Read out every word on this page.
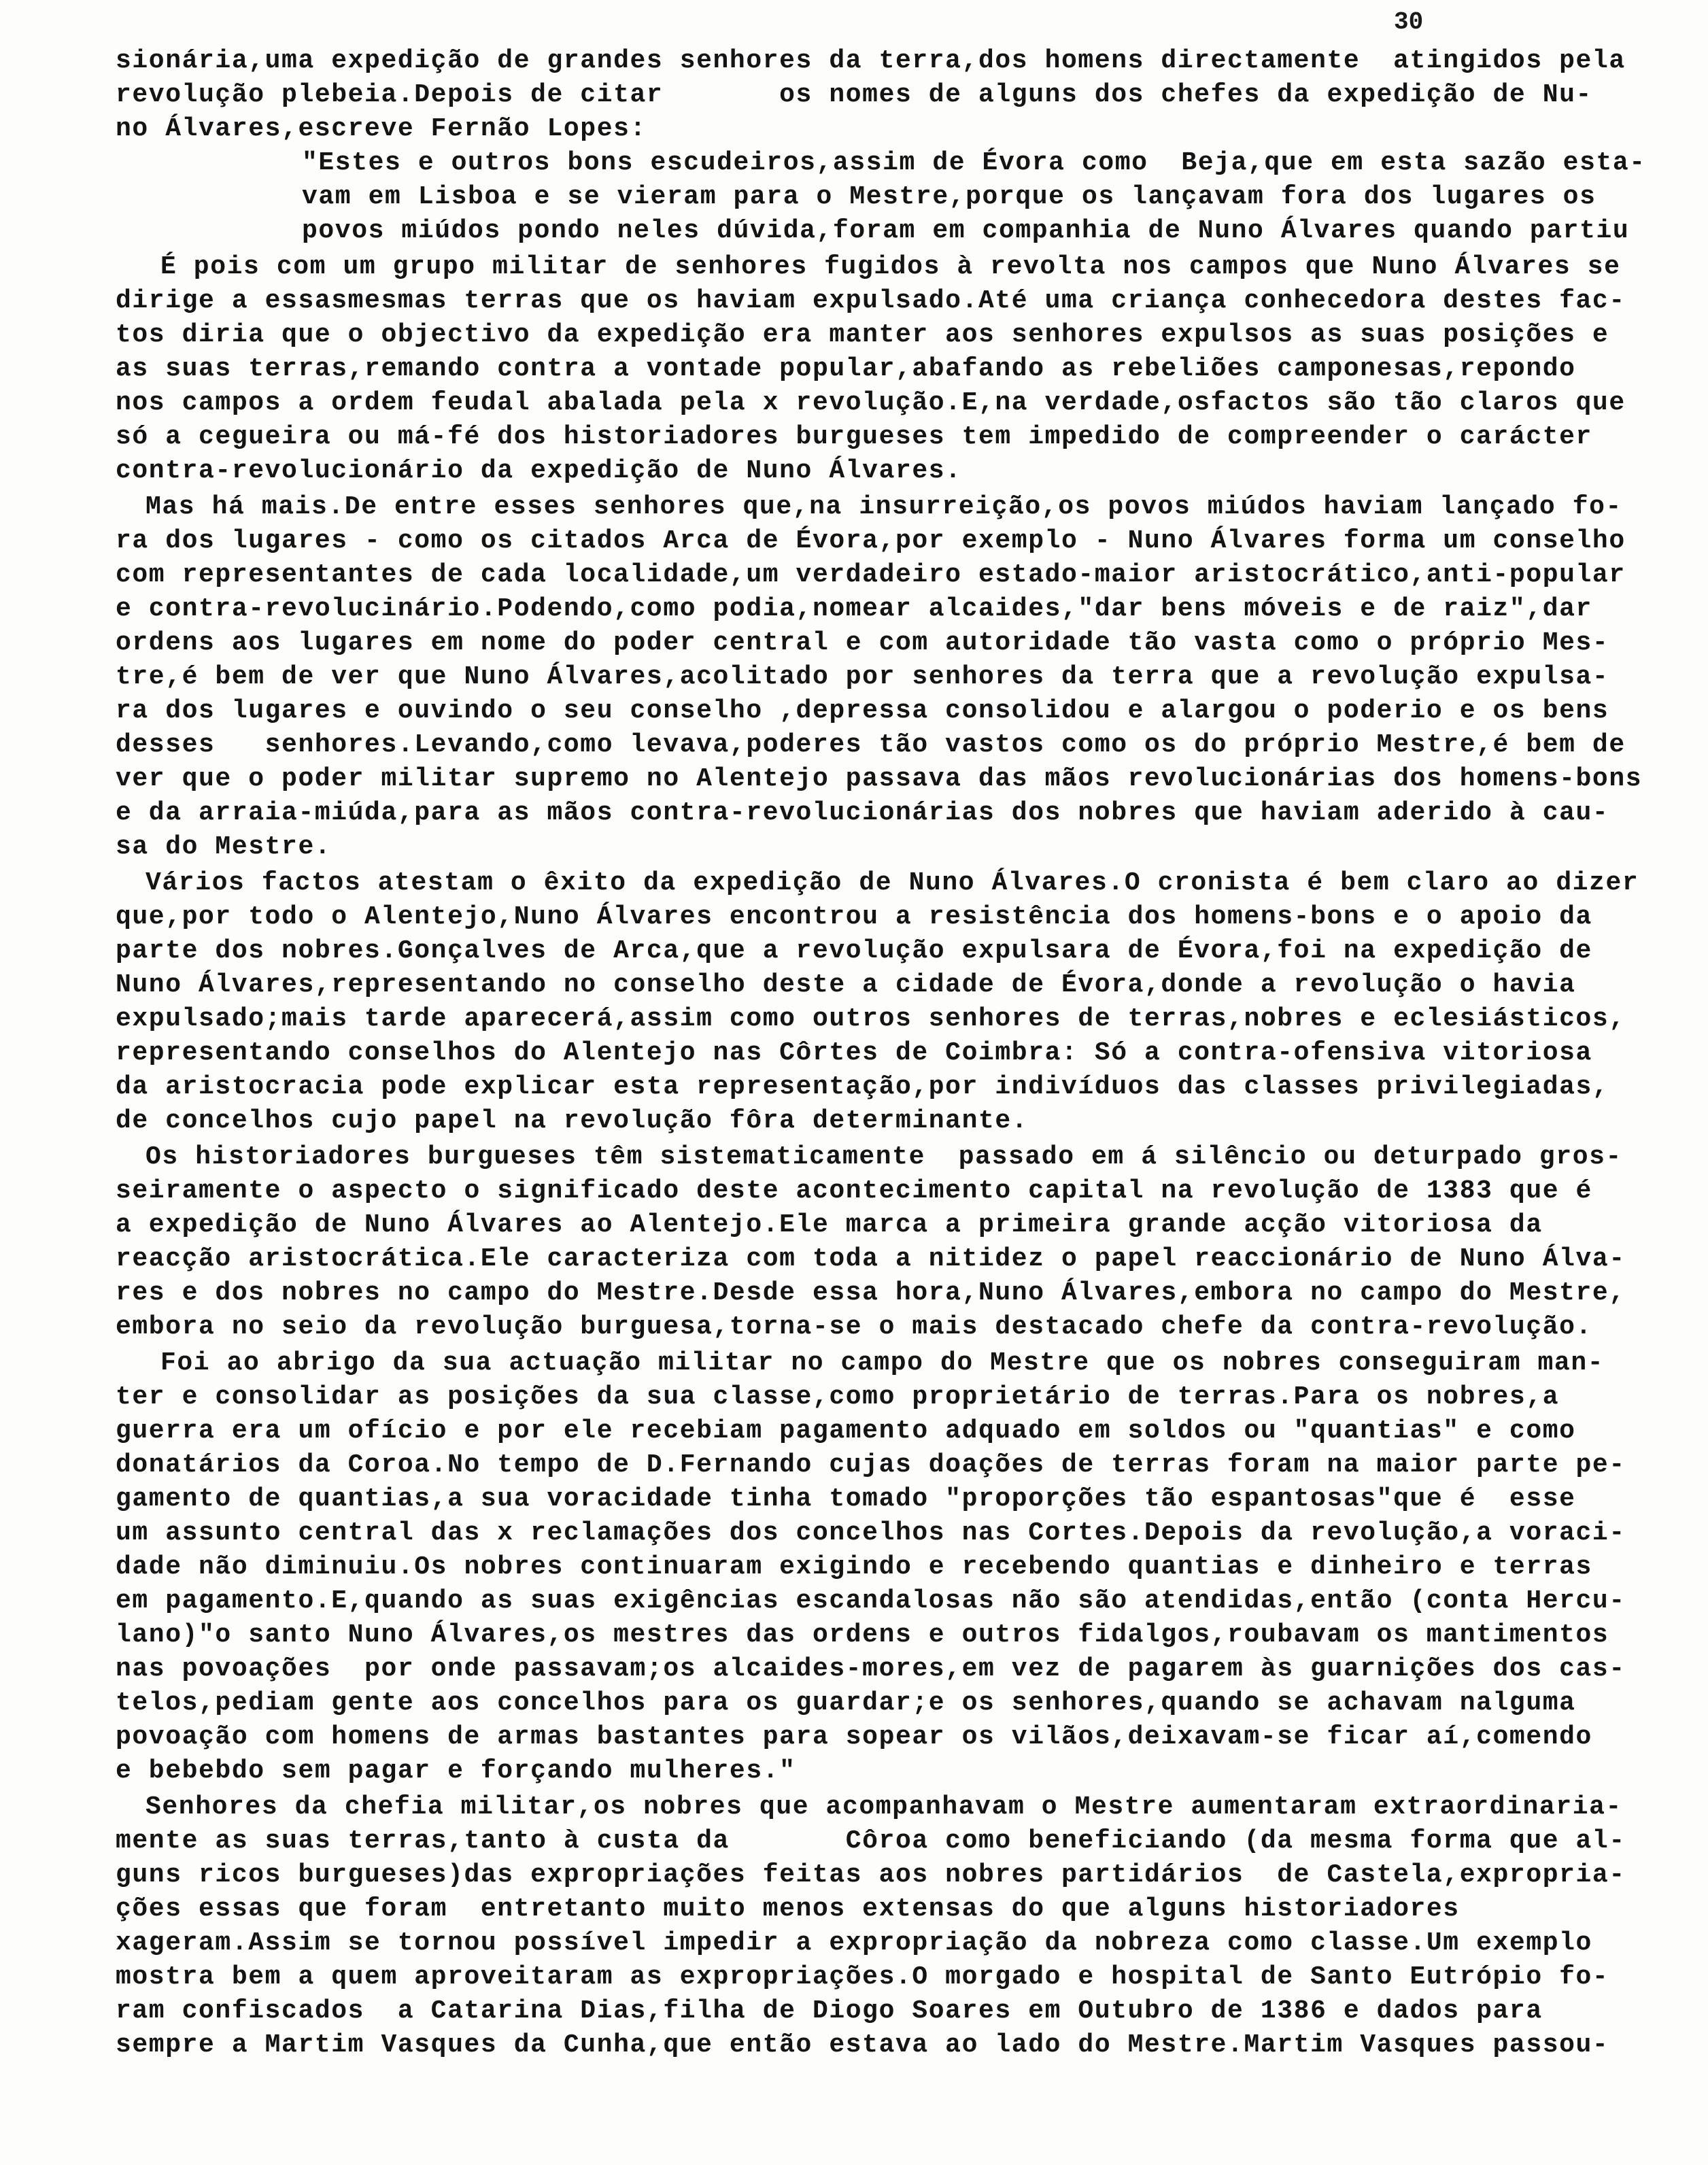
30
sionária,uma expedição de grandes senhores da terra,dos homens directamente  atingidos pela
revolução plebeia.Depois de citar       os nomes de alguns dos chefes da expedição de Nu-
no Álvares,escreve Fernão Lopes:
"Estes e outros bons escudeiros,assim de Évora como  Beja,que em esta sazão esta-
vam em Lisboa e se vieram para o Mestre,porque os lançavam fora dos lugares os
povos miúdos pondo neles dúvida,foram em companhia de Nuno Álvares quando partiu
É pois com um grupo militar de senhores fugidos à revolta nos campos que Nuno Álvares se
dirige a essasmesmas terras que os haviam expulsado.Até uma criança conhecedora destes fac-
tos diria que o objectivo da expedição era manter aos senhores expulsos as suas posições e
as suas terras,remando contra a vontade popular,abafando as rebeliões camponesas,repondo
nos campos a ordem feudal abalada pela x revolução.E,na verdade,osfactos são tão claros que
só a cegueira ou má-fé dos historiadores burgueses tem impedido de compreender o carácter
contra-revolucionário da expedição de Nuno Álvares.
Mas há mais.De entre esses senhores que,na insurreição,os povos miúdos haviam lançado fo-
ra dos lugares - como os citados Arca de Évora,por exemplo - Nuno Álvares forma um conselho
com representantes de cada localidade,um verdadeiro estado-maior aristocrático,anti-popular
e contra-revolucinário.Podendo,como podia,nomear alcaides,"dar bens móveis e de raiz",dar
ordens aos lugares em nome do poder central e com autoridade tão vasta como o próprio Mes-
tre,é bem de ver que Nuno Álvares,acolitado por senhores da terra que a revolução expulsa-
ra dos lugares e ouvindo o seu conselho ,depressa consolidou e alargou o poderio e os bens
desses   senhores.Levando,como levava,poderes tão vastos como os do próprio Mestre,é bem de
ver que o poder militar supremo no Alentejo passava das mãos revolucionárias dos homens-bons
e da arraia-miúda,para as mãos contra-revolucionárias dos nobres que haviam aderido à cau-
sa do Mestre.
Vários factos atestam o êxito da expedição de Nuno Álvares.O cronista é bem claro ao dizer
que,por todo o Alentejo,Nuno Álvares encontrou a resistência dos homens-bons e o apoio da
parte dos nobres.Gonçalves de Arca,que a revolução expulsara de Évora,foi na expedição de
Nuno Álvares,representando no conselho deste a cidade de Évora,donde a revolução o havia
expulsado;mais tarde aparecerá,assim como outros senhores de terras,nobres e eclesiásticos,
representando conselhos do Alentejo nas Côrtes de Coimbra: Só a contra-ofensiva vitoriosa
da aristocracia pode explicar esta representação,por indivíduos das classes privilegiadas,
de concelhos cujo papel na revolução fôra determinante.
Os historiadores burgueses têm sistematicamente  passado em á silêncio ou deturpado gros-
seiramente o aspecto o significado deste acontecimento capital na revolução de 1383 que é
a expedição de Nuno Álvares ao Alentejo.Ele marca a primeira grande acção vitoriosa da
reacção aristocrática.Ele caracteriza com toda a nitidez o papel reaccionário de Nuno Álva-
res e dos nobres no campo do Mestre.Desde essa hora,Nuno Álvares,embora no campo do Mestre,
embora no seio da revolução burguesa,torna-se o mais destacado chefe da contra-revolução.
Foi ao abrigo da sua actuação militar no campo do Mestre que os nobres conseguiram man-
ter e consolidar as posições da sua classe,como proprietário de terras.Para os nobres,a
guerra era um ofício e por ele recebiam pagamento adquado em soldos ou "quantias" e como
donatários da Coroa.No tempo de D.Fernando cujas doações de terras foram na maior parte pe-
gamento de quantias,a sua voracidade tinha tomado "proporções tão espantosas"que é  esse
um assunto central das x reclamações dos concelhos nas Cortes.Depois da revolução,a voraci-
dade não diminuiu.Os nobres continuaram exigindo e recebendo quantias e dinheiro e terras
em pagamento.E,quando as suas exigências escandalosas não são atendidas,então (conta Hercu-
lano)"o santo Nuno Álvares,os mestres das ordens e outros fidalgos,roubavam os mantimentos
nas povoações  por onde passavam;os alcaides-mores,em vez de pagarem às guarnições dos cas-
telos,pediam gente aos concelhos para os guardar;e os senhores,quando se achavam nalguma
povoação com homens de armas bastantes para sopear os vilãos,deixavam-se ficar aí,comendo
e bebebdo sem pagar e forçando mulheres."
Senhores da chefia militar,os nobres que acompanhavam o Mestre aumentaram extraordinaria-
mente as suas terras,tanto à custa da       Côroa como beneficiando (da mesma forma que al-
guns ricos burgueses)das expropriações feitas aos nobres partidários  de Castela,expropria-
ções essas que foram  entretanto muito menos extensas do que alguns historiadores
xageram.Assim se tornou possível impedir a expropriação da nobreza como classe.Um exemplo
mostra bem a quem aproveitaram as expropriações.O morgado e hospital de Santo Eutrópio fo-
ram confiscados  a Catarina Dias,filha de Diogo Soares em Outubro de 1386 e dados para
sempre a Martim Vasques da Cunha,que então estava ao lado do Mestre.Martim Vasques passou-
